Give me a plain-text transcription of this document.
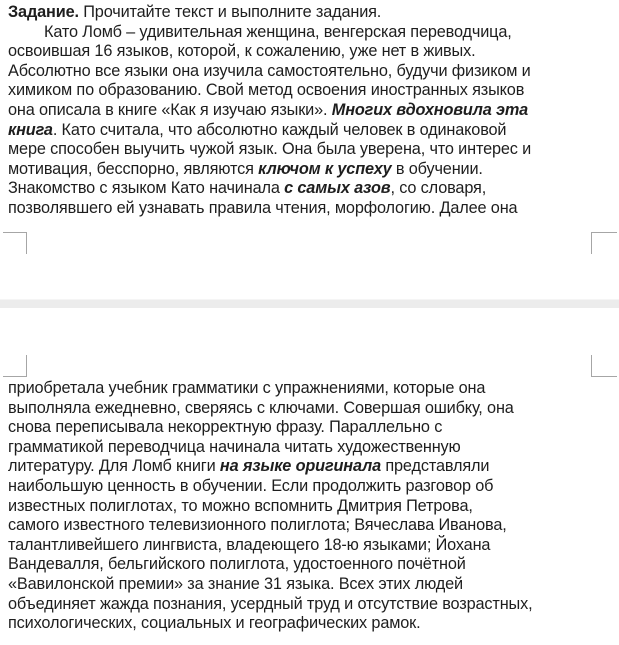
Задание. Прочитайте текст и выполните задания.
Като Ломб – удивительная женщина, венгерская переводчица,
освоившая 16 языков, которой, к сожалению, уже нет в живых.
Абсолютно все языки она изучила самостоятельно, будучи физиком и
химиком по образованию. Свой метод освоения иностранных языков
она описала в книге «Как я изучаю языки». Многих вдохновила эта
книга. Като считала, что абсолютно каждый человек в одинаковой
мере способен выучить чужой язык. Она была уверена, что интерес и
мотивация, бесспорно, являются ключом к успеху в обучении.
Знакомство с языком Като начинала с самых азов, со словаря,
позволявшего ей узнавать правила чтения, морфологию. Далее она
приобретала учебник грамматики с упражнениями, которые она
выполняла ежедневно, сверяясь с ключами. Совершая ошибку, она
снова переписывала некорректную фразу. Параллельно с
грамматикой переводчица начинала читать художественную
литературу. Для Ломб книги на языке оригинала представляли
наибольшую ценность в обучении. Если продолжить разговор об
известных полиглотах, то можно вспомнить Дмитрия Петрова,
самого известного телевизионного полиглота; Вячеслава Иванова,
талантливейшего лингвиста, владеющего 18-ю языками; Йохана
Вандевалля, бельгийского полиглота, удостоенного почётной
«Вавилонской премии» за знание 31 языка. Всех этих людей
объединяет жажда познания, усердный труд и отсутствие возрастных,
психологических, социальных и географических рамок.
